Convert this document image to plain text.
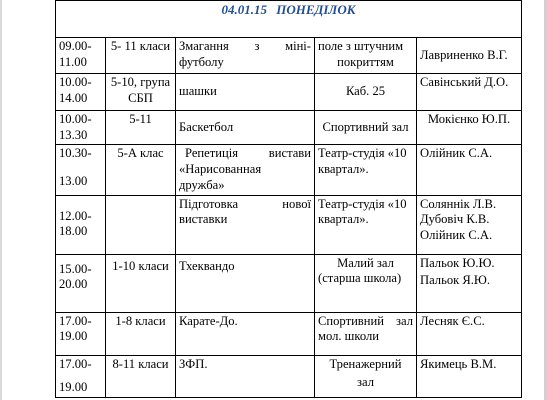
04.01.15 ПОНЕДІЛОК				

09.00-
11.00	5- 11 класи	Змагання з міні-
футболу	поле з штучним
покриттям	Лавриненко В.Г.

10.00-
14.00	5-10, група
СБП	шашки	Каб. 25	Савінський Д.О.

10.00-
13.30	5-11	Баскетбол	Спортивний зал	Мокієнко Ю.П.

10.30-
13.00	5-А клас	Репетиція вистави
«Нарисованная
дружба»	Театр-студія «10
квартал».	Олійник С.А.

12.00-
18.00		Підготовка нової
виставки	Театр-студія «10
квартал».	Соляннік Л.В.
Дубовіч К.В.
Олійник С.А.

15.00-
20.00	1-10 класи	Тхеквандо	Малий зал
(старша школа)	Пальок Ю.Ю.
Пальок Я.Ю.

17.00-
19.00	1-8 класи	Карате-До.	Спортивний зал
мол. школи	Лесняк Є.С.

17.00-
19.00	8-11 класи	ЗФП.	Тренажерний
зал	Якимець В.М.
